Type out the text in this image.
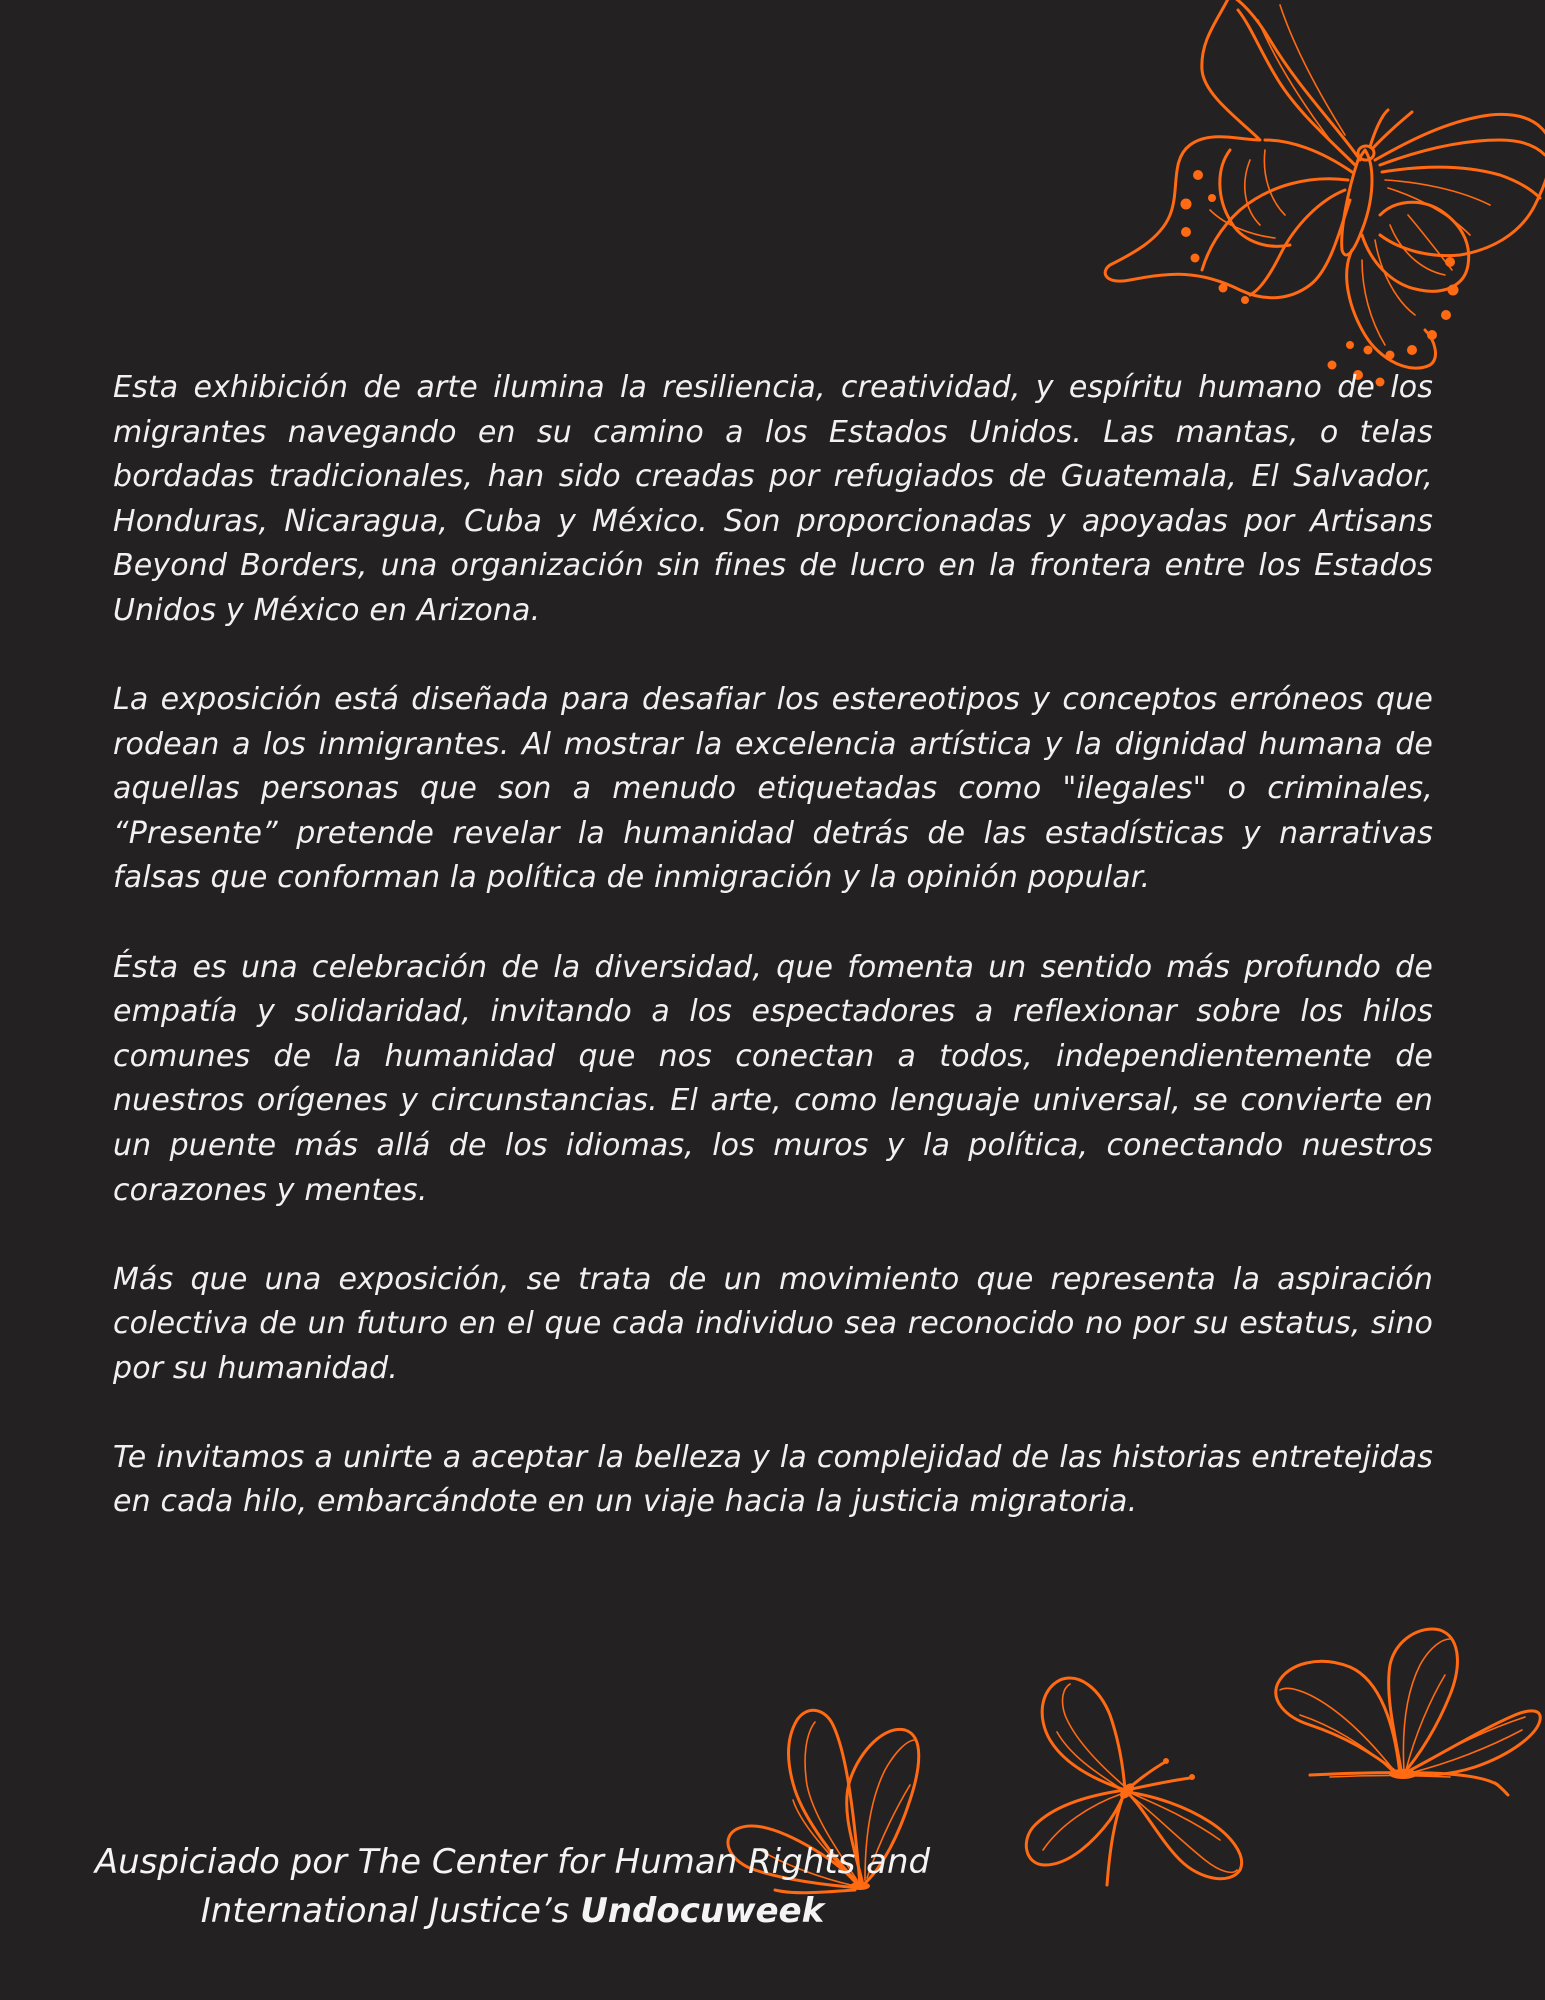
Esta exhibición de arte ilumina la resiliencia, creatividad, y espíritu humano de los migrantes navegando en su camino a los Estados Unidos. Las mantas, o telas bordadas tradicionales, han sido creadas por refugiados de Guatemala, El Salvador, Honduras, Nicaragua, Cuba y México. Son proporcionadas y apoyadas por Artisans Beyond Borders, una organización sin fines de lucro en la frontera entre los Estados Unidos y México en Arizona.

La exposición está diseñada para desafiar los estereotipos y conceptos erróneos que rodean a los inmigrantes. Al mostrar la excelencia artística y la dignidad humana de aquellas personas que son a menudo etiquetadas como "ilegales" o criminales, “Presente” pretende revelar la humanidad detrás de las estadísticas y narrativas falsas que conforman la política de inmigración y la opinión popular.

Ésta es una celebración de la diversidad, que fomenta un sentido más profundo de empatía y solidaridad, invitando a los espectadores a reflexionar sobre los hilos comunes de la humanidad que nos conectan a todos, independientemente de nuestros orígenes y circunstancias. El arte, como lenguaje universal, se convierte en un puente más allá de los idiomas, los muros y la política, conectando nuestros corazones y mentes.

Más que una exposición, se trata de un movimiento que representa la aspiración colectiva de un futuro en el que cada individuo sea reconocido no por su estatus, sino por su humanidad.

Te invitamos a unirte a aceptar la belleza y la complejidad de las historias entretejidas en cada hilo, embarcándote en un viaje hacia la justicia migratoria.

Auspiciado por The Center for Human Rights and
International Justice’s Undocuweek
